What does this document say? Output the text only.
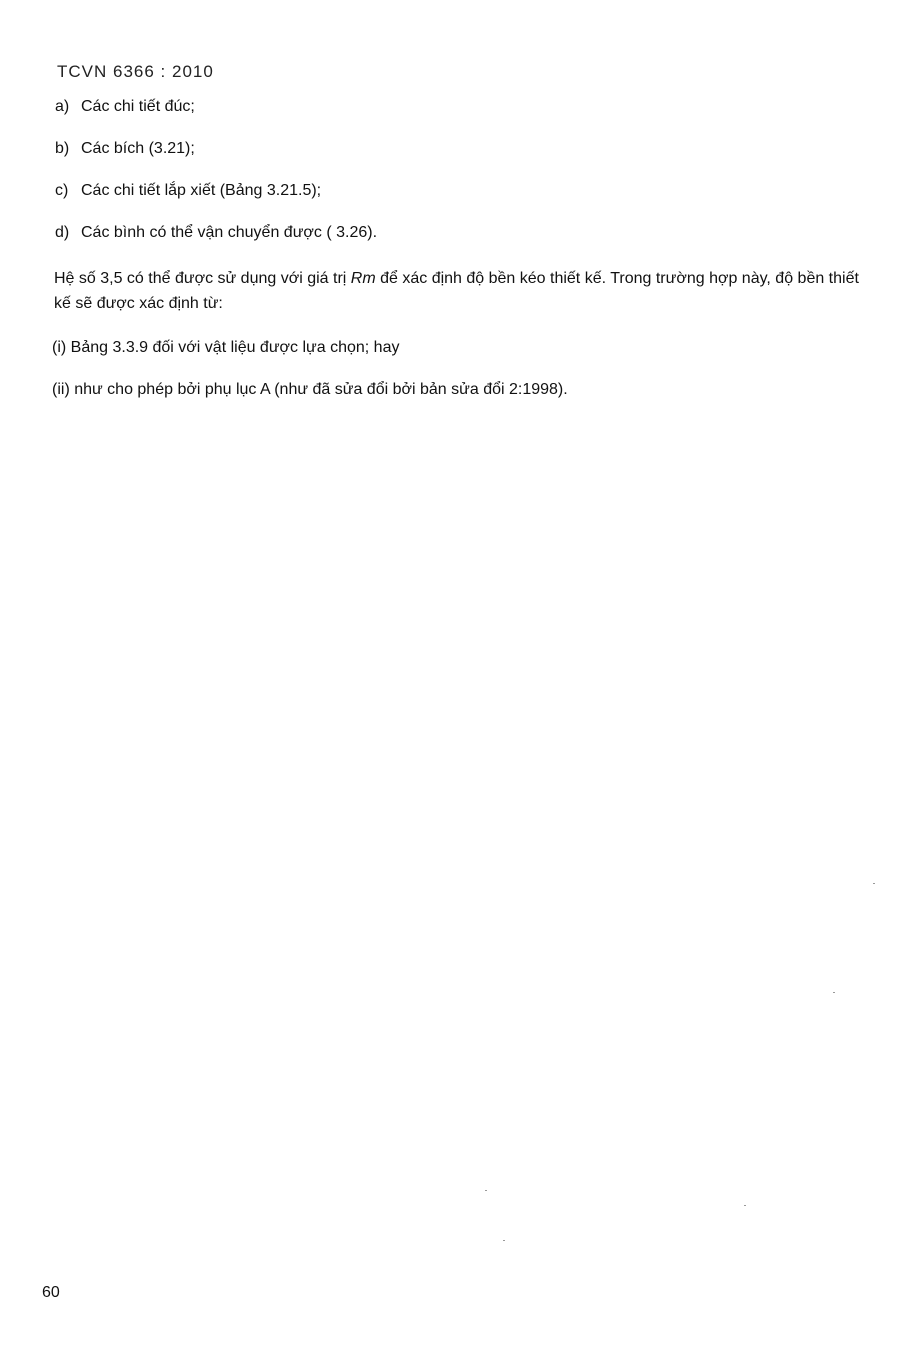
TCVN 6366 : 2010
a) Các chi tiết đúc;
b) Các bích (3.21);
c) Các chi tiết lắp xiết (Bảng 3.21.5);
d) Các bình có thể vận chuyển được ( 3.26).
Hệ số 3,5 có thể được sử dụng với giá trị Rm để xác định độ bền kéo thiết kế. Trong trường hợp này, độ bền thiết kế sẽ được xác định từ:
(i) Bảng 3.3.9 đối với vật liệu được lựa chọn; hay
(ii) như cho phép bởi phụ lục A (như đã sửa đổi bởi bản sửa đổi 2:1998).
60
